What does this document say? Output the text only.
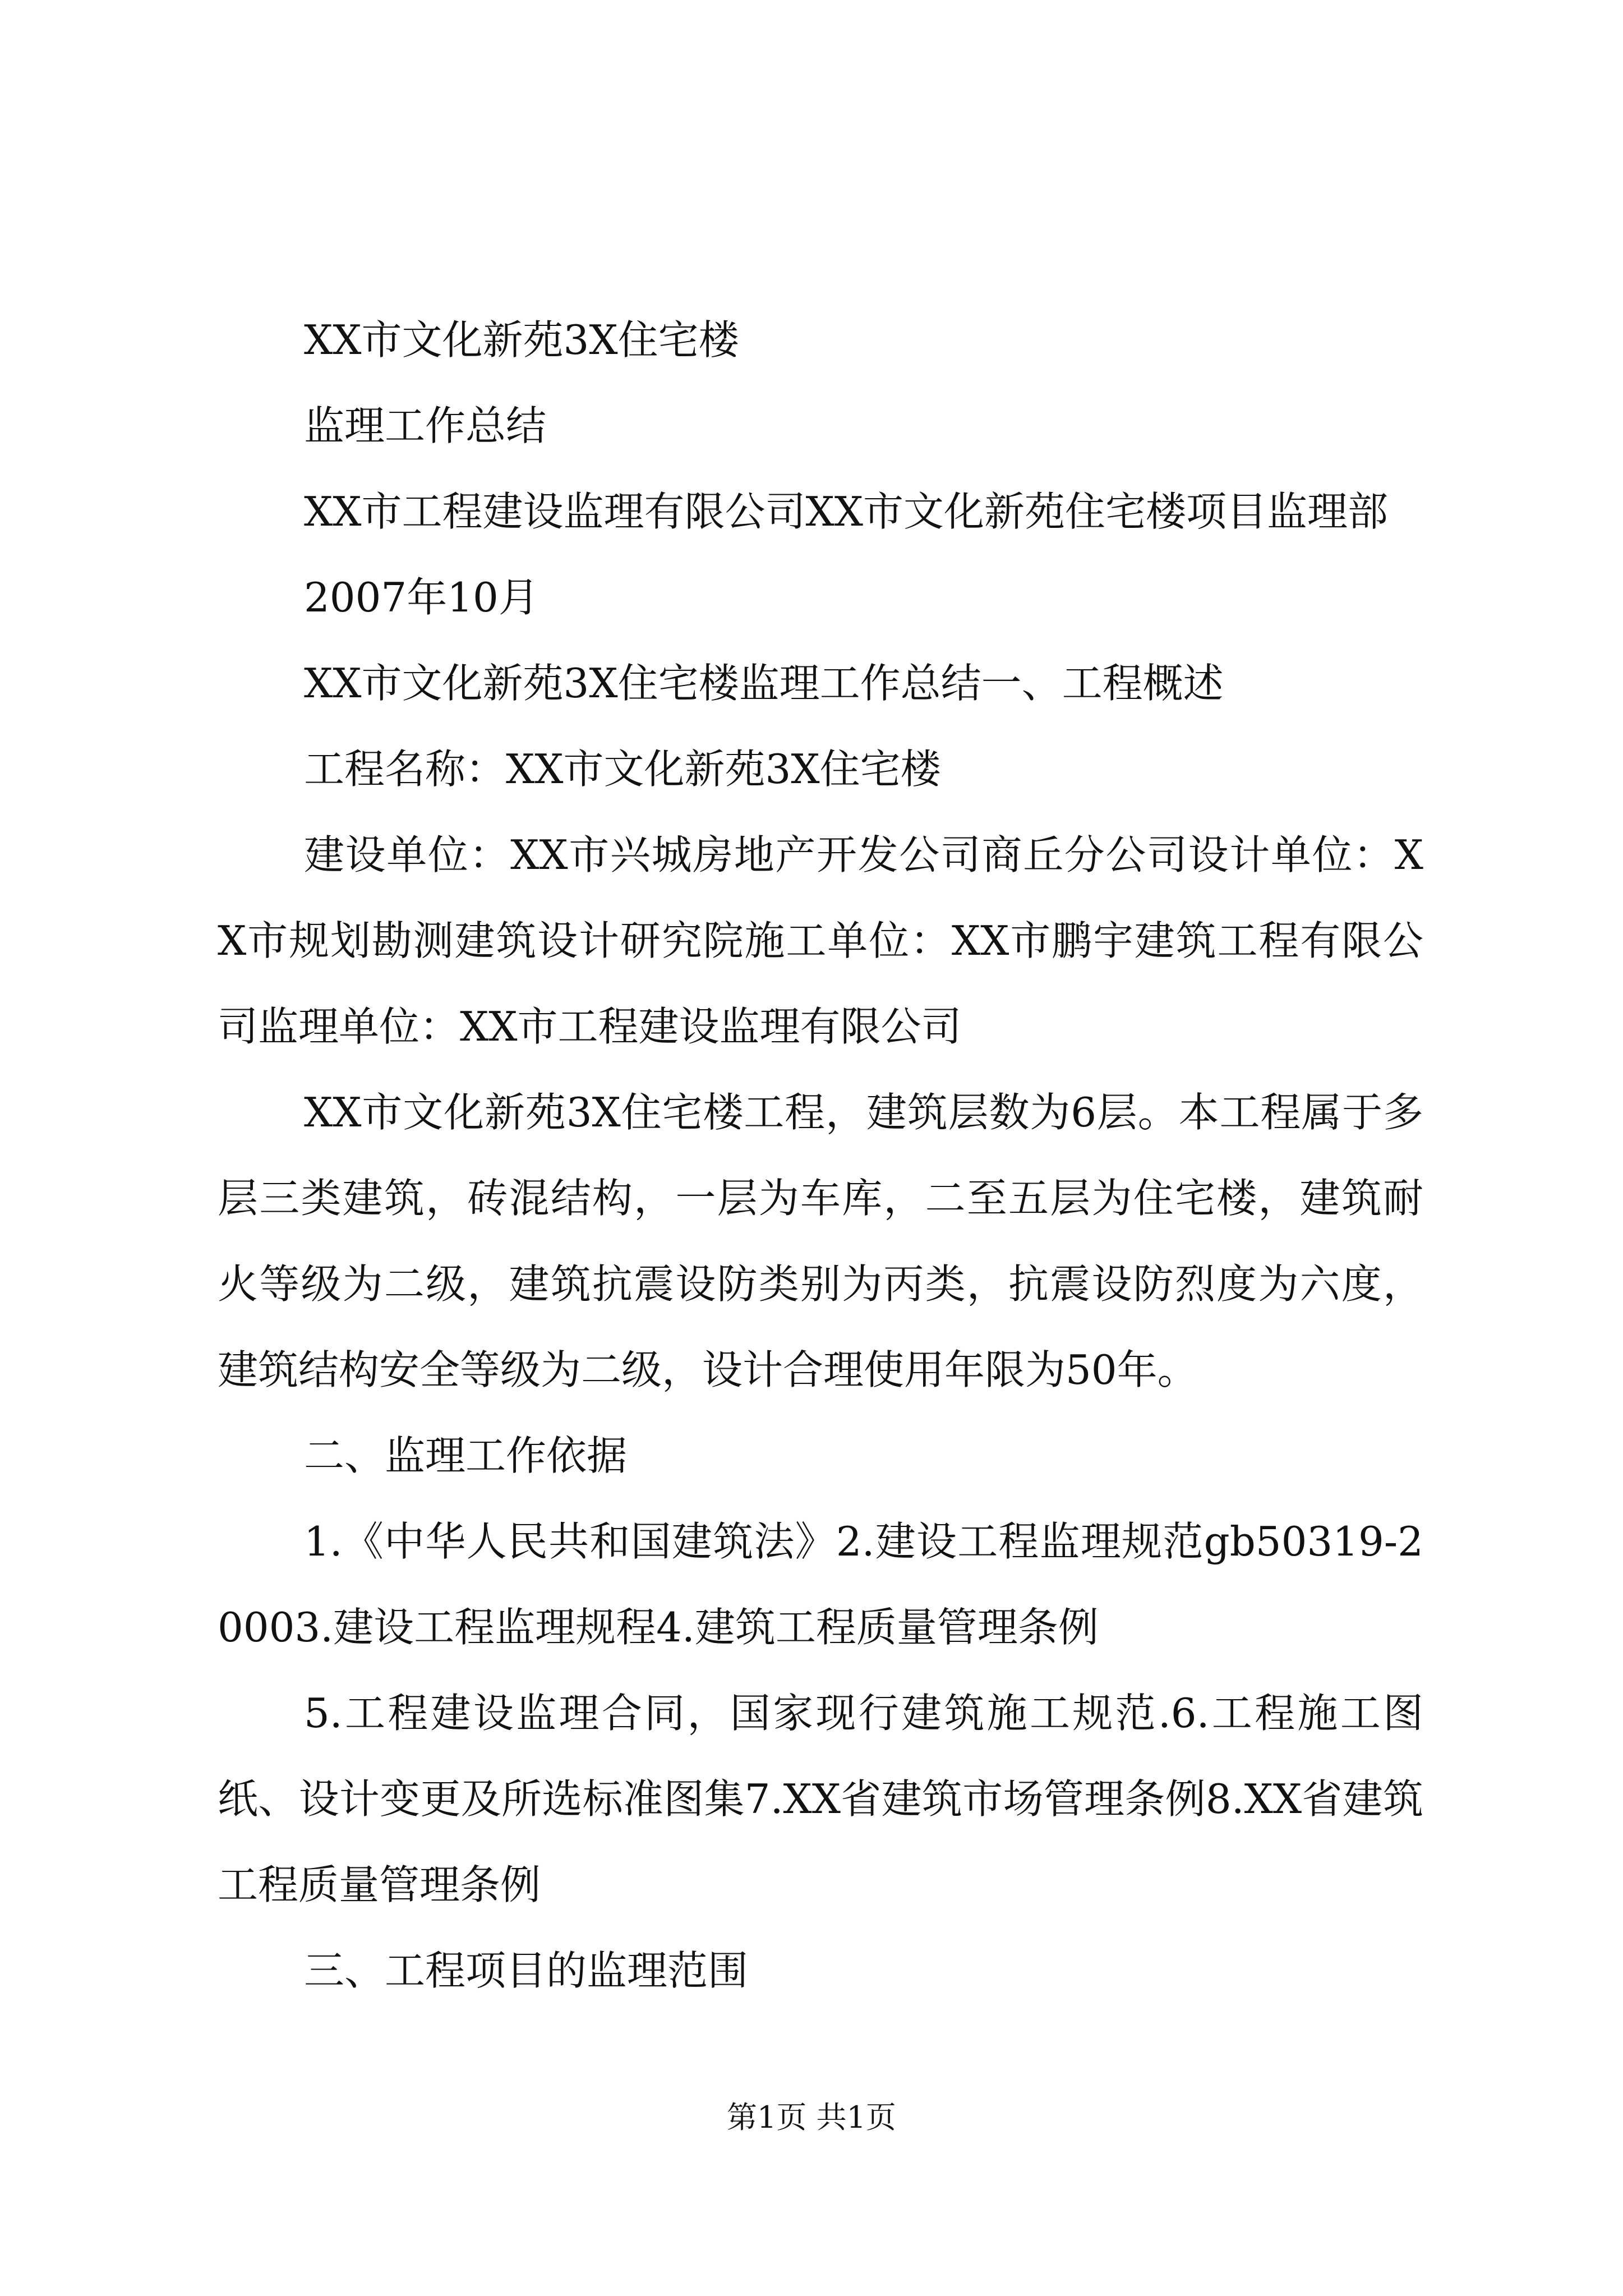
XX市文化新苑3X住宅楼

监理工作总结

XX市工程建设监理有限公司XX市文化新苑住宅楼项目监理部

2007年10月

XX市文化新苑3X住宅楼监理工作总结一、工程概述

工程名称：XX市文化新苑3X住宅楼

建设单位：XX市兴城房地产开发公司商丘分公司设计单位：XX市规划勘测建筑设计研究院施工单位：XX市鹏宇建筑工程有限公司监理单位：XX市工程建设监理有限公司

XX市文化新苑3X住宅楼工程，建筑层数为6层。本工程属于多层三类建筑，砖混结构，一层为车库，二至五层为住宅楼，建筑耐火等级为二级，建筑抗震设防类别为丙类，抗震设防烈度为六度，建筑结构安全等级为二级，设计合理使用年限为50年。

二、监理工作依据

1.《中华人民共和国建筑法》2.建设工程监理规范gb50319-20003.建设工程监理规程4.建筑工程质量管理条例

5.工程建设监理合同，国家现行建筑施工规范.6.工程施工图纸、设计变更及所选标准图集7.XX省建筑市场管理条例8.XX省建筑工程质量管理条例

三、工程项目的监理范围

第1页 共1页
